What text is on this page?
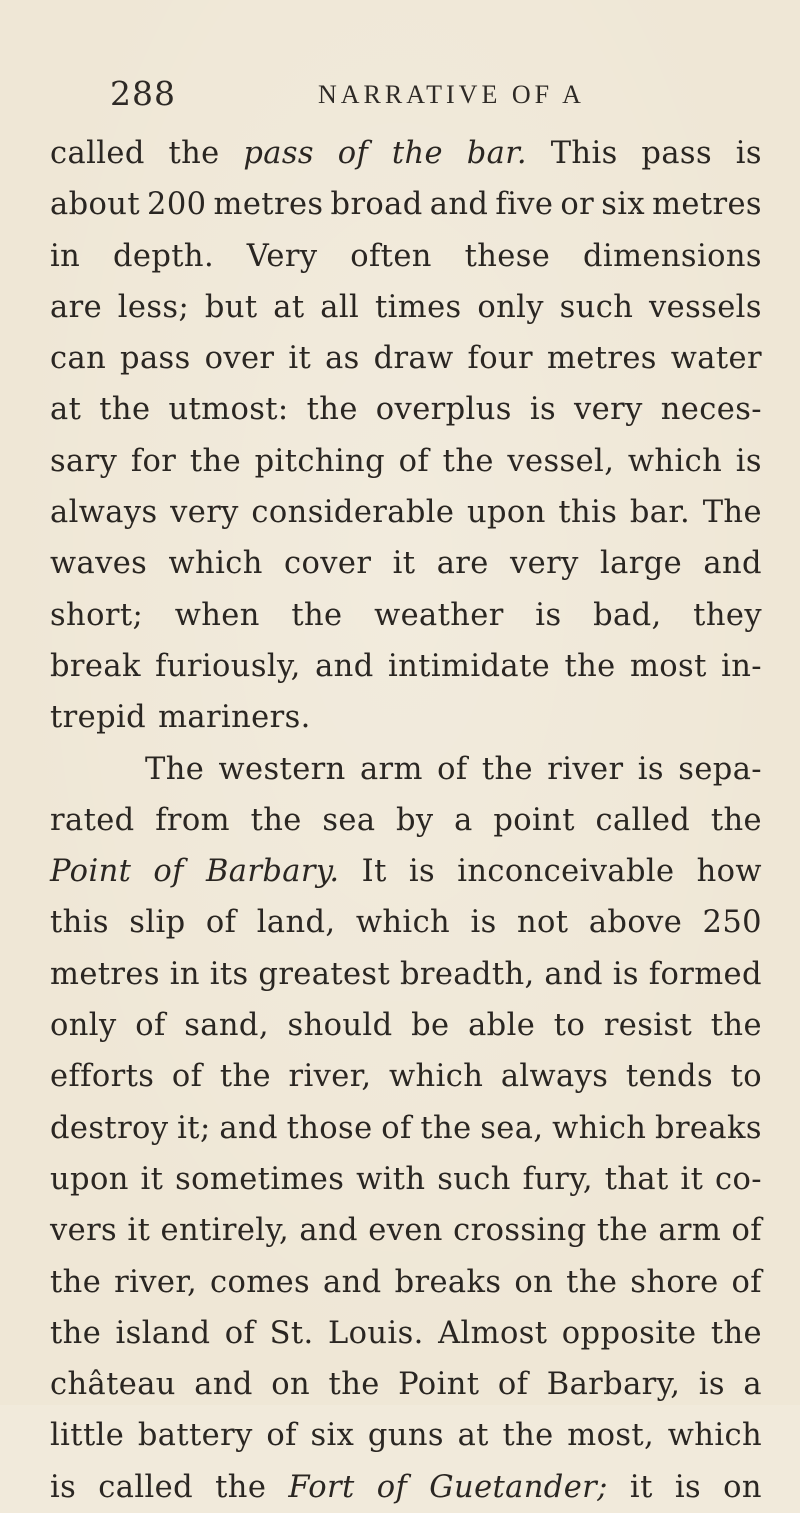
288	NARRATIVE OF A
called the pass of the bar. This pass is
about 200 metres broad and five or six metres
in depth. Very often these dimensions
are less; but at all times only such vessels
can pass over it as draw four metres water
at the utmost: the overplus is very neces-
sary for the pitching of the vessel, which is
always very considerable upon this bar. The
waves which cover it are very large and
short; when the weather is bad, they
break furiously, and intimidate the most in-
trepid mariners.
The western arm of the river is sepa-
rated from the sea by a point called the
Point of Barbary. It is inconceivable how
this slip of land, which is not above 250
metres in its greatest breadth, and is formed
only of sand, should be able to resist the
efforts of the river, which always tends to
destroy it; and those of the sea, which breaks
upon it sometimes with such fury, that it co-
vers it entirely, and even crossing the arm of
the river, comes and breaks on the shore of
the island of St. Louis. Almost opposite the
château and on the Point of Barbary, is a
little battery of six guns at the most, which
is called the Fort of Guetander; it is on
